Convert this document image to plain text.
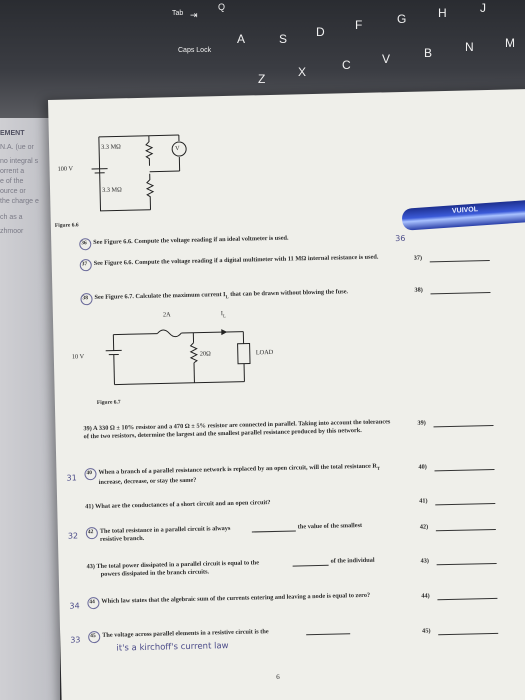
Tab ⇥
Q
A	S D	F	G	H	J
Caps Lock
Z	X	C	V	B	N	M
EMENT
N.A. (ue or
no integral s
orrent a
e of the
ource or
the charge e
ch as a
zhmoor
3.3 MΩ
3.3 MΩ
V
100 V
Figure 6.6
36 See Figure 6.6. Compute the voltage reading if an ideal voltmeter is used.
37 See Figure 6.6. Compute the voltage reading if a digital multimeter with 11 MΩ internal resistance is used.	37)
38 See Figure 6.7. Calculate the maximum current $I_L$ that can be drawn without blowing the fuse.	38)
2A	$I_L$
10 V	20Ω	LOAD
Figure 6.7
39) A 330 Ω ± 10% resistor and a 470 Ω ± 5% resistor are connected in parallel. Taking into account the tolerances of the two resistors, determine the largest and the smallest parallel resistance produced by this network.
39)
40 When a branch of a parallel resistance network is replaced by an open circuit, will the total resistance $R_T$ increase, decrease, or stay the same?
40)
41) What are the conductances of a short circuit and an open circuit?	41)
42 The total resistance in a parallel circuit is always	the value of the smallest
resistive branch.
42)
43) The total power dissipated in a parallel circuit is equal to the	of the individual
powers dissipated in the branch circuits.
43)
44 Which law states that the algebraic sum of the currents entering and leaving a node is equal to zero?	44)
45 The voltage across parallel elements in a resistive circuit is the	45)
31
32
34
33
36
it's a kirchoff's current law
6
VUIVOL
